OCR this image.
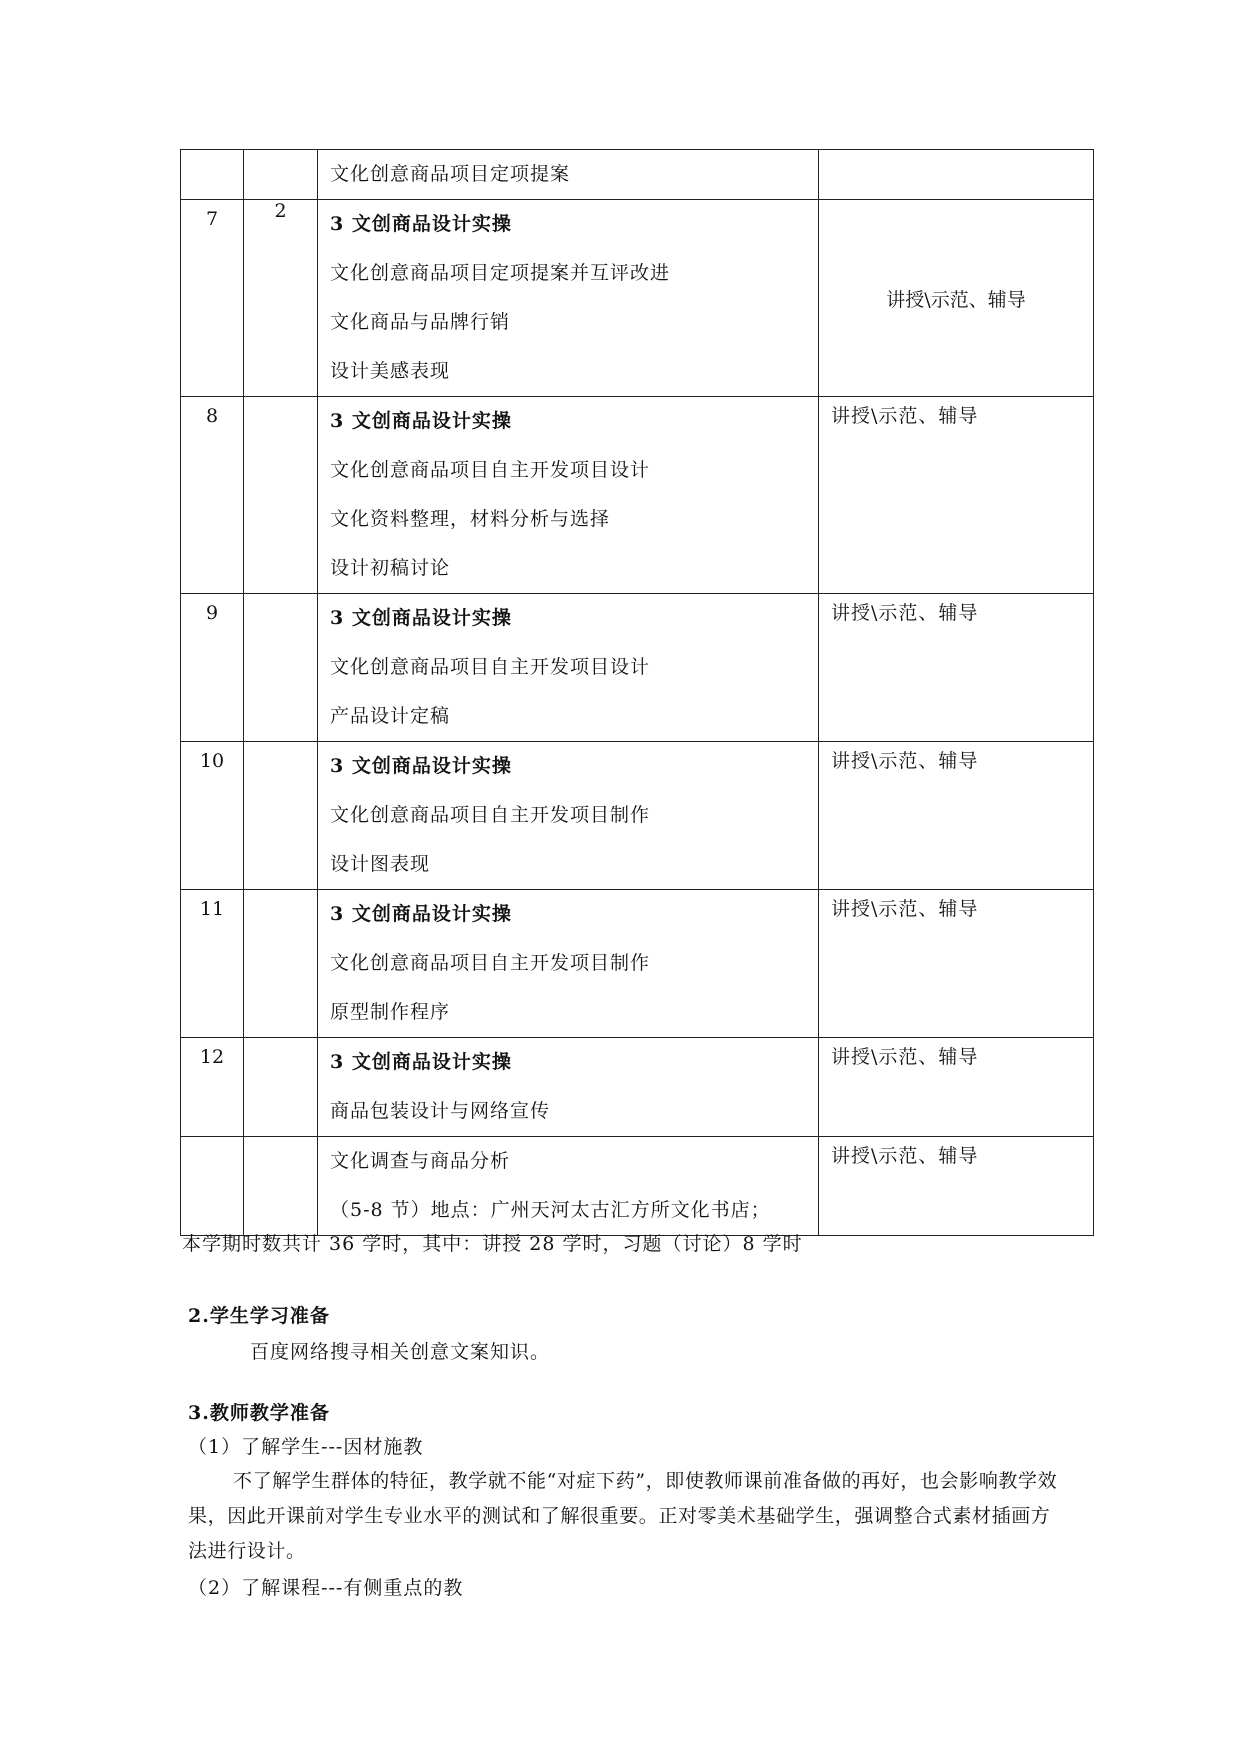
		文化创意商品项目定项提案	

7	2	3 文创商品设计实操
文化创意商品项目定项提案并互评改进
文化商品与品牌行销
设计美感表现	讲授\示范、辅导

8		3 文创商品设计实操
文化创意商品项目自主开发项目设计
文化资料整理，材料分析与选择
设计初稿讨论	讲授\示范、辅导

9		3 文创商品设计实操
文化创意商品项目自主开发项目设计
产品设计定稿	讲授\示范、辅导

10		3 文创商品设计实操
文化创意商品项目自主开发项目制作
设计图表现	讲授\示范、辅导

11		3 文创商品设计实操
文化创意商品项目自主开发项目制作
原型制作程序	讲授\示范、辅导

12		3 文创商品设计实操
商品包装设计与网络宣传	讲授\示范、辅导

		文化调查与商品分析
（5-8 节）地点：广州天河太古汇方所文化书店；	讲授\示范、辅导
本学期时数共计 36 学时，其中：讲授 28 学时，习题（讨论）8 学时
2.学生学习准备
百度网络搜寻相关创意文案知识。
3.教师教学准备
（1）了解学生---因材施教
不了解学生群体的特征，教学就不能“对症下药”，即使教师课前准备做的再好，也会影响教学效果，因此开课前对学生专业水平的测试和了解很重要。正对零美术基础学生，强调整合式素材插画方法进行设计。
（2）了解课程---有侧重点的教
